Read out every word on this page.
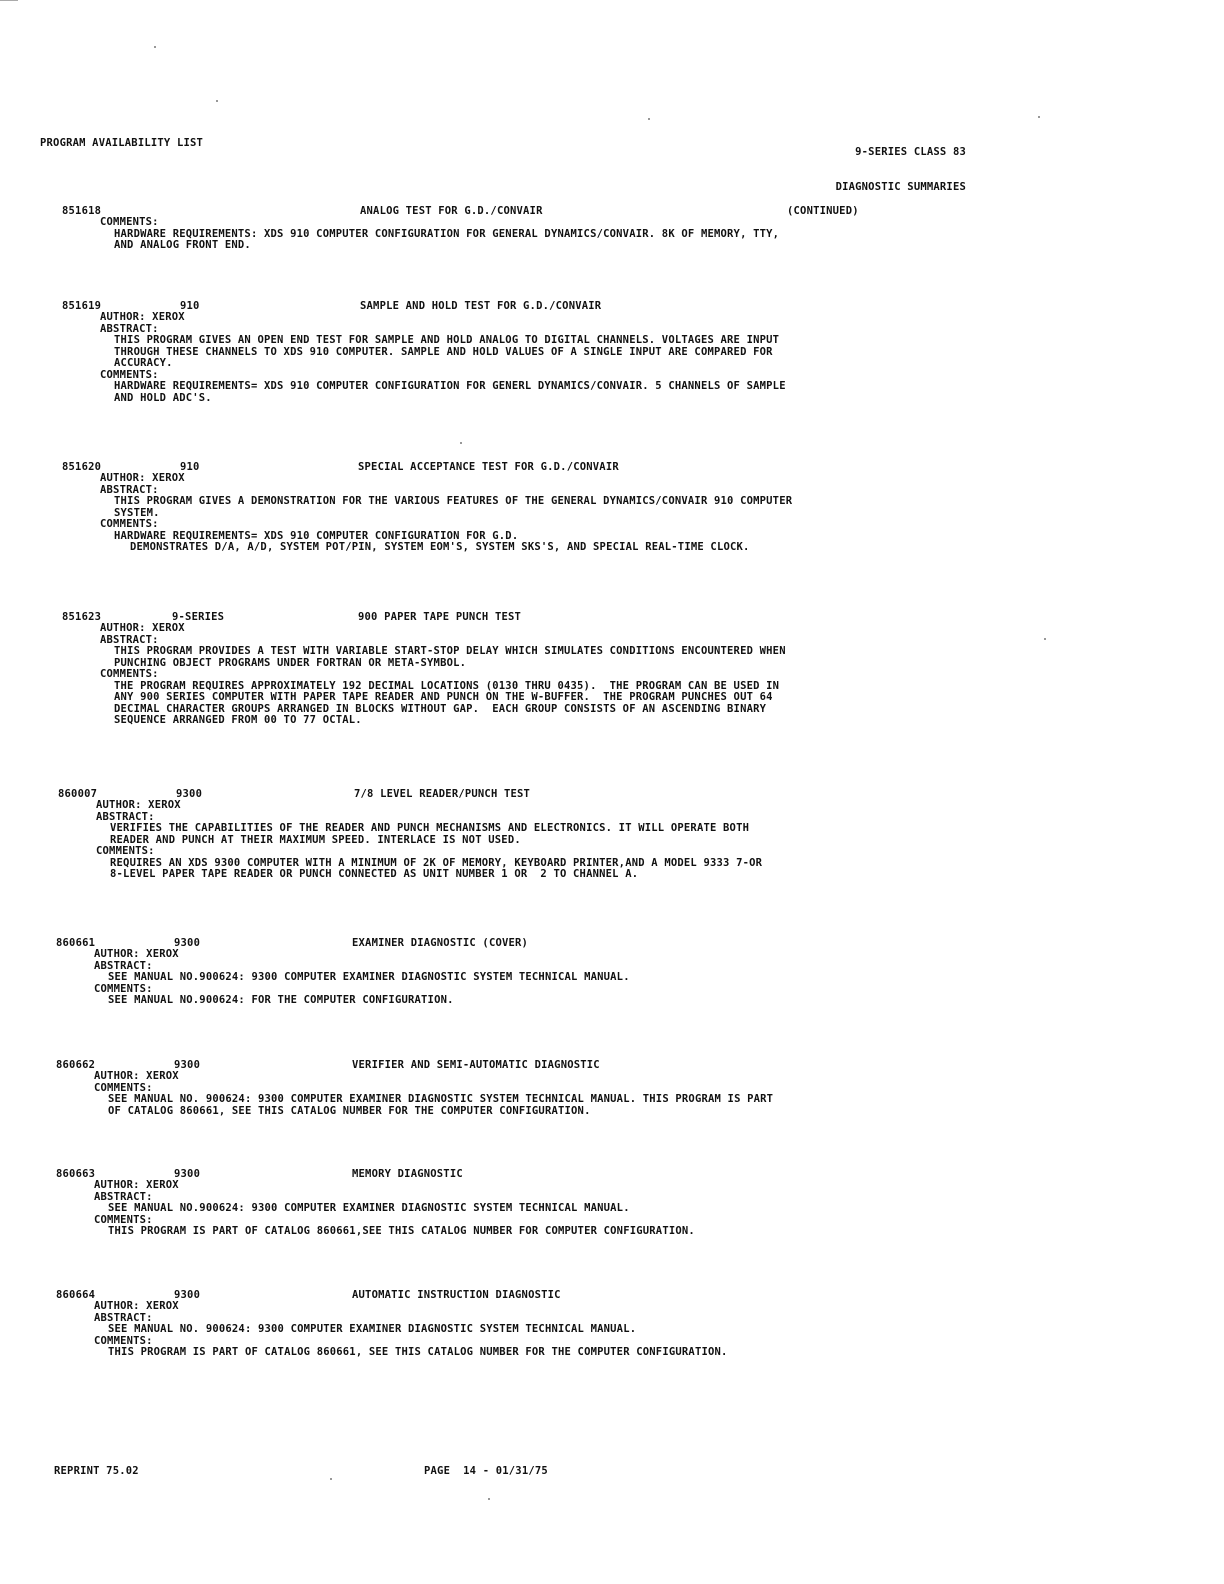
PROGRAM AVAILABILITY LIST

9-SERIES CLASS 83

DIAGNOSTIC SUMMARIES

851618	ANALOG TEST FOR G.D./CONVAIR	(CONTINUED)
COMMENTS:
HARDWARE REQUIREMENTS: XDS 910 COMPUTER CONFIGURATION FOR GENERAL DYNAMICS/CONVAIR. 8K OF MEMORY, TTY,
AND ANALOG FRONT END.
851619	910	SAMPLE AND HOLD TEST FOR G.D./CONVAIR
AUTHOR: XEROX
ABSTRACT:
THIS PROGRAM GIVES AN OPEN END TEST FOR SAMPLE AND HOLD ANALOG TO DIGITAL CHANNELS. VOLTAGES ARE INPUT
THROUGH THESE CHANNELS TO XDS 910 COMPUTER. SAMPLE AND HOLD VALUES OF A SINGLE INPUT ARE COMPARED FOR
ACCURACY.
COMMENTS:
HARDWARE REQUIREMENTS= XDS 910 COMPUTER CONFIGURATION FOR GENERL DYNAMICS/CONVAIR. 5 CHANNELS OF SAMPLE
AND HOLD ADC'S.
851620	910	SPECIAL ACCEPTANCE TEST FOR G.D./CONVAIR
AUTHOR: XEROX
ABSTRACT:
THIS PROGRAM GIVES A DEMONSTRATION FOR THE VARIOUS FEATURES OF THE GENERAL DYNAMICS/CONVAIR 910 COMPUTER
SYSTEM.
COMMENTS:
HARDWARE REQUIREMENTS= XDS 910 COMPUTER CONFIGURATION FOR G.D.
DEMONSTRATES D/A, A/D, SYSTEM POT/PIN, SYSTEM EOM'S, SYSTEM SKS'S, AND SPECIAL REAL-TIME CLOCK.
851623	9-SERIES	900 PAPER TAPE PUNCH TEST
AUTHOR: XEROX
ABSTRACT:
THIS PROGRAM PROVIDES A TEST WITH VARIABLE START-STOP DELAY WHICH SIMULATES CONDITIONS ENCOUNTERED WHEN
PUNCHING OBJECT PROGRAMS UNDER FORTRAN OR META-SYMBOL.
COMMENTS:
THE PROGRAM REQUIRES APPROXIMATELY 192 DECIMAL LOCATIONS (0130 THRU 0435).  THE PROGRAM CAN BE USED IN
ANY 900 SERIES COMPUTER WITH PAPER TAPE READER AND PUNCH ON THE W-BUFFER.  THE PROGRAM PUNCHES OUT 64
DECIMAL CHARACTER GROUPS ARRANGED IN BLOCKS WITHOUT GAP.  EACH GROUP CONSISTS OF AN ASCENDING BINARY
SEQUENCE ARRANGED FROM 00 TO 77 OCTAL.
860007	9300	7/8 LEVEL READER/PUNCH TEST
AUTHOR: XEROX
ABSTRACT:
VERIFIES THE CAPABILITIES OF THE READER AND PUNCH MECHANISMS AND ELECTRONICS. IT WILL OPERATE BOTH
READER AND PUNCH AT THEIR MAXIMUM SPEED. INTERLACE IS NOT USED.
COMMENTS:
REQUIRES AN XDS 9300 COMPUTER WITH A MINIMUM OF 2K OF MEMORY, KEYBOARD PRINTER,AND A MODEL 9333 7-OR
8-LEVEL PAPER TAPE READER OR PUNCH CONNECTED AS UNIT NUMBER 1 OR  2 TO CHANNEL A.
860661	9300	EXAMINER DIAGNOSTIC (COVER)
AUTHOR: XEROX
ABSTRACT:
SEE MANUAL NO.900624: 9300 COMPUTER EXAMINER DIAGNOSTIC SYSTEM TECHNICAL MANUAL.
COMMENTS:
SEE MANUAL NO.900624: FOR THE COMPUTER CONFIGURATION.
860662	9300	VERIFIER AND SEMI-AUTOMATIC DIAGNOSTIC
AUTHOR: XEROX
COMMENTS:
SEE MANUAL NO. 900624: 9300 COMPUTER EXAMINER DIAGNOSTIC SYSTEM TECHNICAL MANUAL. THIS PROGRAM IS PART
OF CATALOG 860661, SEE THIS CATALOG NUMBER FOR THE COMPUTER CONFIGURATION.
860663	9300	MEMORY DIAGNOSTIC
AUTHOR: XEROX
ABSTRACT:
SEE MANUAL NO.900624: 9300 COMPUTER EXAMINER DIAGNOSTIC SYSTEM TECHNICAL MANUAL.
COMMENTS:
THIS PROGRAM IS PART OF CATALOG 860661,SEE THIS CATALOG NUMBER FOR COMPUTER CONFIGURATION.
860664	9300	AUTOMATIC INSTRUCTION DIAGNOSTIC
AUTHOR: XEROX
ABSTRACT:
SEE MANUAL NO. 900624: 9300 COMPUTER EXAMINER DIAGNOSTIC SYSTEM TECHNICAL MANUAL.
COMMENTS:
THIS PROGRAM IS PART OF CATALOG 860661, SEE THIS CATALOG NUMBER FOR THE COMPUTER CONFIGURATION.
REPRINT 75.02	PAGE  14 - 01/31/75
